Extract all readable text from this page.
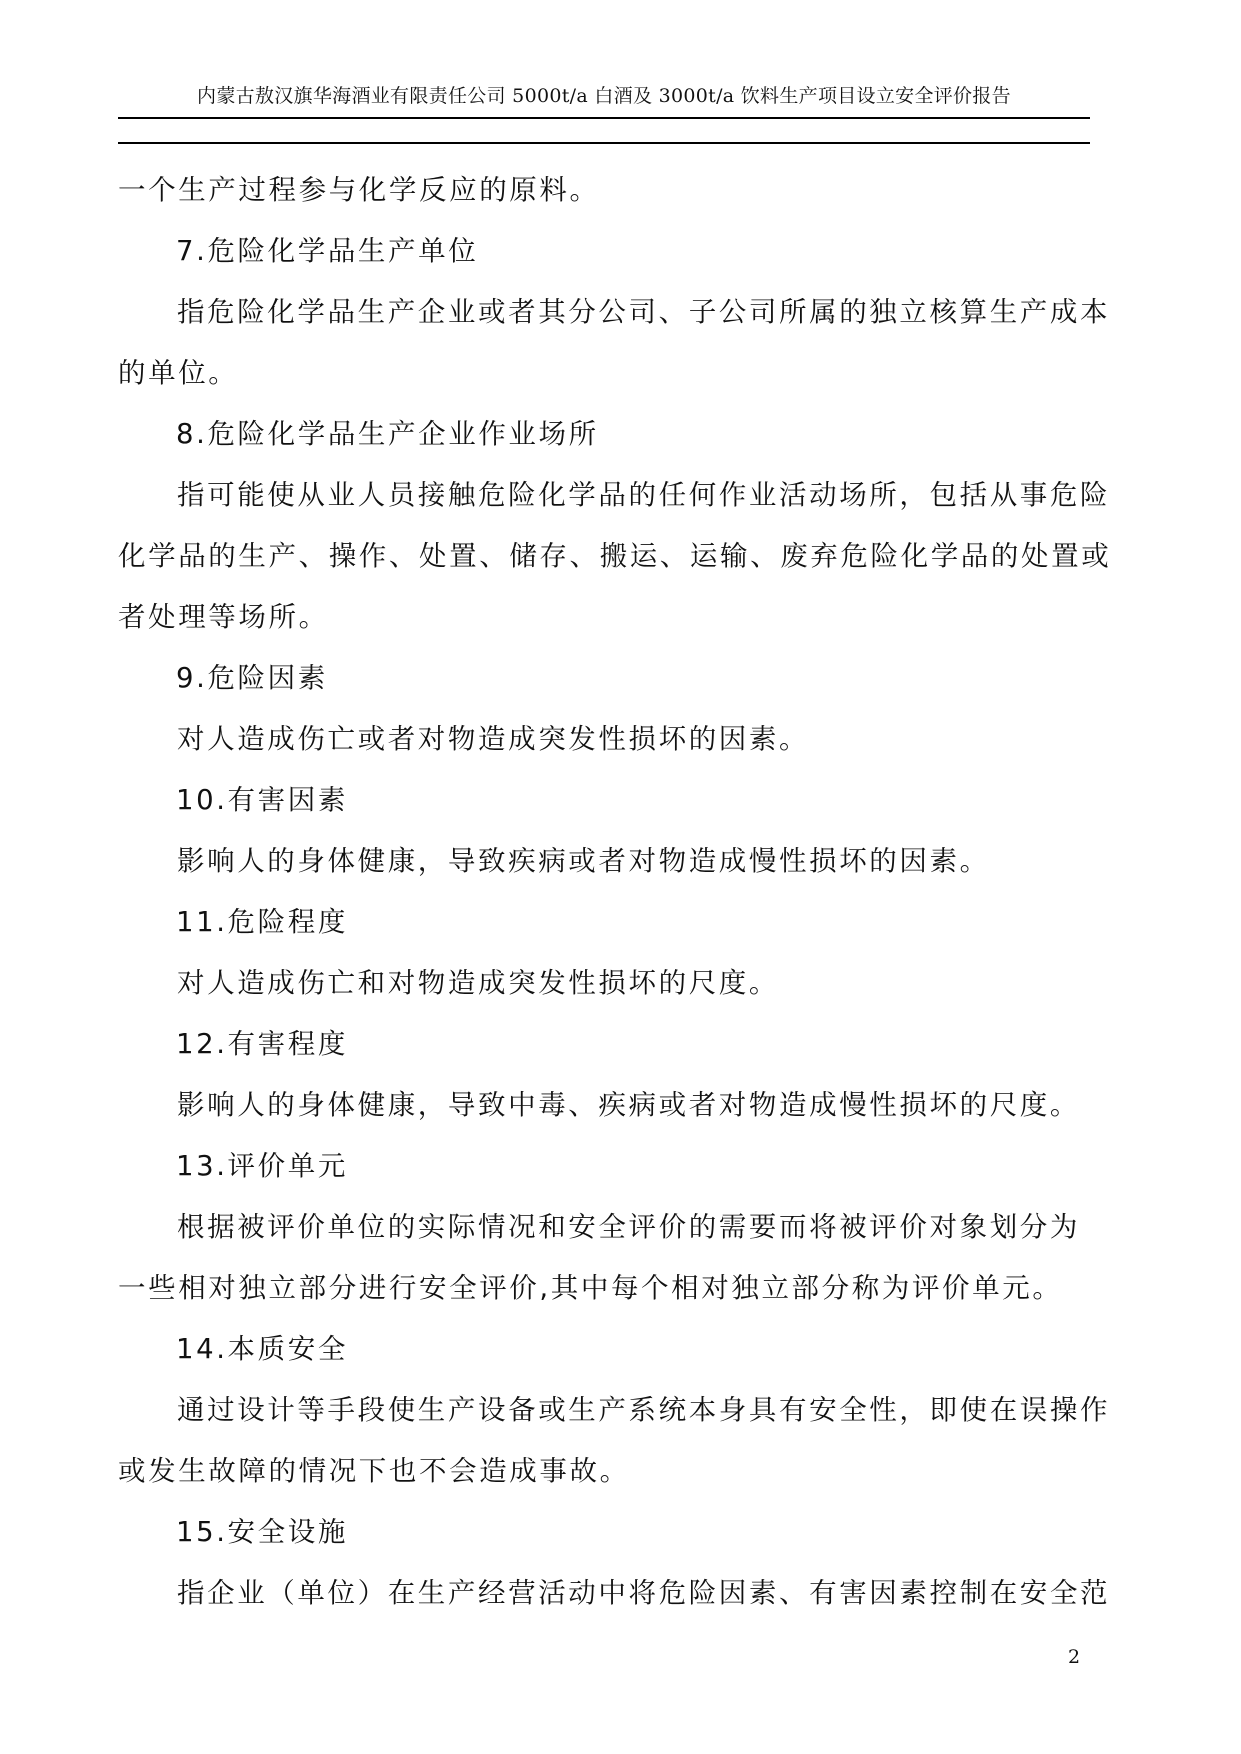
内蒙古敖汉旗华海酒业有限责任公司 5000t/a 白酒及 3000t/a 饮料生产项目设立安全评价报告
一个生产过程参与化学反应的原料。
7.危险化学品生产单位
指危险化学品生产企业或者其分公司、子公司所属的独立核算生产成本
的单位。
8.危险化学品生产企业作业场所
指可能使从业人员接触危险化学品的任何作业活动场所，包括从事危险
化学品的生产、操作、处置、储存、搬运、运输、废弃危险化学品的处置或
者处理等场所。
9.危险因素
对人造成伤亡或者对物造成突发性损坏的因素。
10.有害因素
影响人的身体健康，导致疾病或者对物造成慢性损坏的因素。
11.危险程度
对人造成伤亡和对物造成突发性损坏的尺度。
12.有害程度
影响人的身体健康，导致中毒、疾病或者对物造成慢性损坏的尺度。
13.评价单元
根据被评价单位的实际情况和安全评价的需要而将被评价对象划分为
一些相对独立部分进行安全评价,其中每个相对独立部分称为评价单元。
14.本质安全
通过设计等手段使生产设备或生产系统本身具有安全性，即使在误操作
或发生故障的情况下也不会造成事故。
15.安全设施
指企业（单位）在生产经营活动中将危险因素、有害因素控制在安全范
2
